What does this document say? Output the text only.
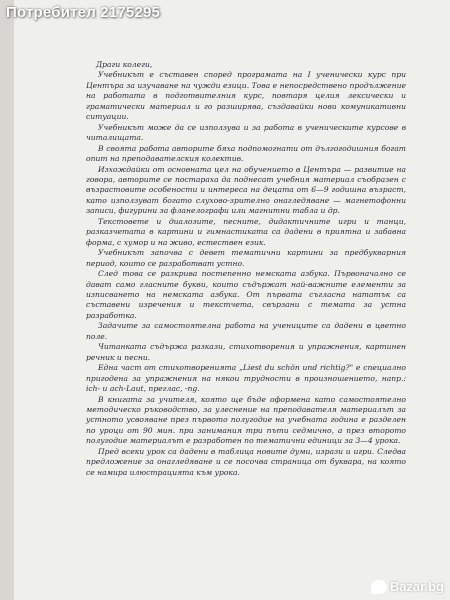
Драги колеги,

Учебникът е съставен според програмата на I ученически курс при Центъра за изучаване на чужди езици. Това е непосредствено продължение на работата в подготвителния курс, повтаря целия лексически и граматически материал и го разширява, създавайки нови комуникативни ситуации.

Учебникът може да се използува и за работа в ученическите курсове в читалищата.

В своята работа авторите бяха подпомогнати от дългогодишния богат опит на преподавателския колектив.

Изхождайки от основната цел на обучението в Центъра — развитие на говора, авторите се постараха да поднесат учебния материал съобразен с възрастовите особености и интереса на децата от 6—9 годишна възраст, като използуват богато слухово-зрително онагледяване — магнетофонни записи, фигурини за фланелографи или магнитни табла и др.

Текстовете и диалозите, песните, дидактичните игри и танци, разказчетата в картини и гимнастиката са дадени в приятна и забавна форма, с хумор и на живо, естествен език.

Учебникът започва с девет тематични картини за предбукварния период, които се разработват устно.

След това се разкрива постепенно немската азбука. Първоначално се дават само гласните букви, които съдържат най-важните елементи за изписването на немската азбука. От първата съгласна нататък са съставени изречения и текстчета, свързани с темата за устна разработка.

Задачите за самостоятелна работа на учениците са дадени в цветно поле.

Читанката съдържа разкази, стихотворения и упражнения, картинен речник и песни.

Една част от стихотворенията „Liest du schön und richtig?" е специално пригодена за упражнения на някои трудности в произношението, напр.: ich- и ach-Laut, преглас, -ng.

В книгата за учителя, която ще бъде оформена като самостоятелно методическо ръководство, за улеснение на преподавателя материалът за устното усвояване през първото полугодие на учебната година е разделен по уроци от 90 мин. при занимания три пъти седмично, а през второто полугодие материалът е разработен по тематични единици за 3—4 урока.

Пред всеки урок са дадени в таблица новите думи, изрази и игри. Следва предложение за онагледяване и се посочва страница от буквара, на която се намира илюстрацията към урока.

Потребител 2175295
Bazar.bg
